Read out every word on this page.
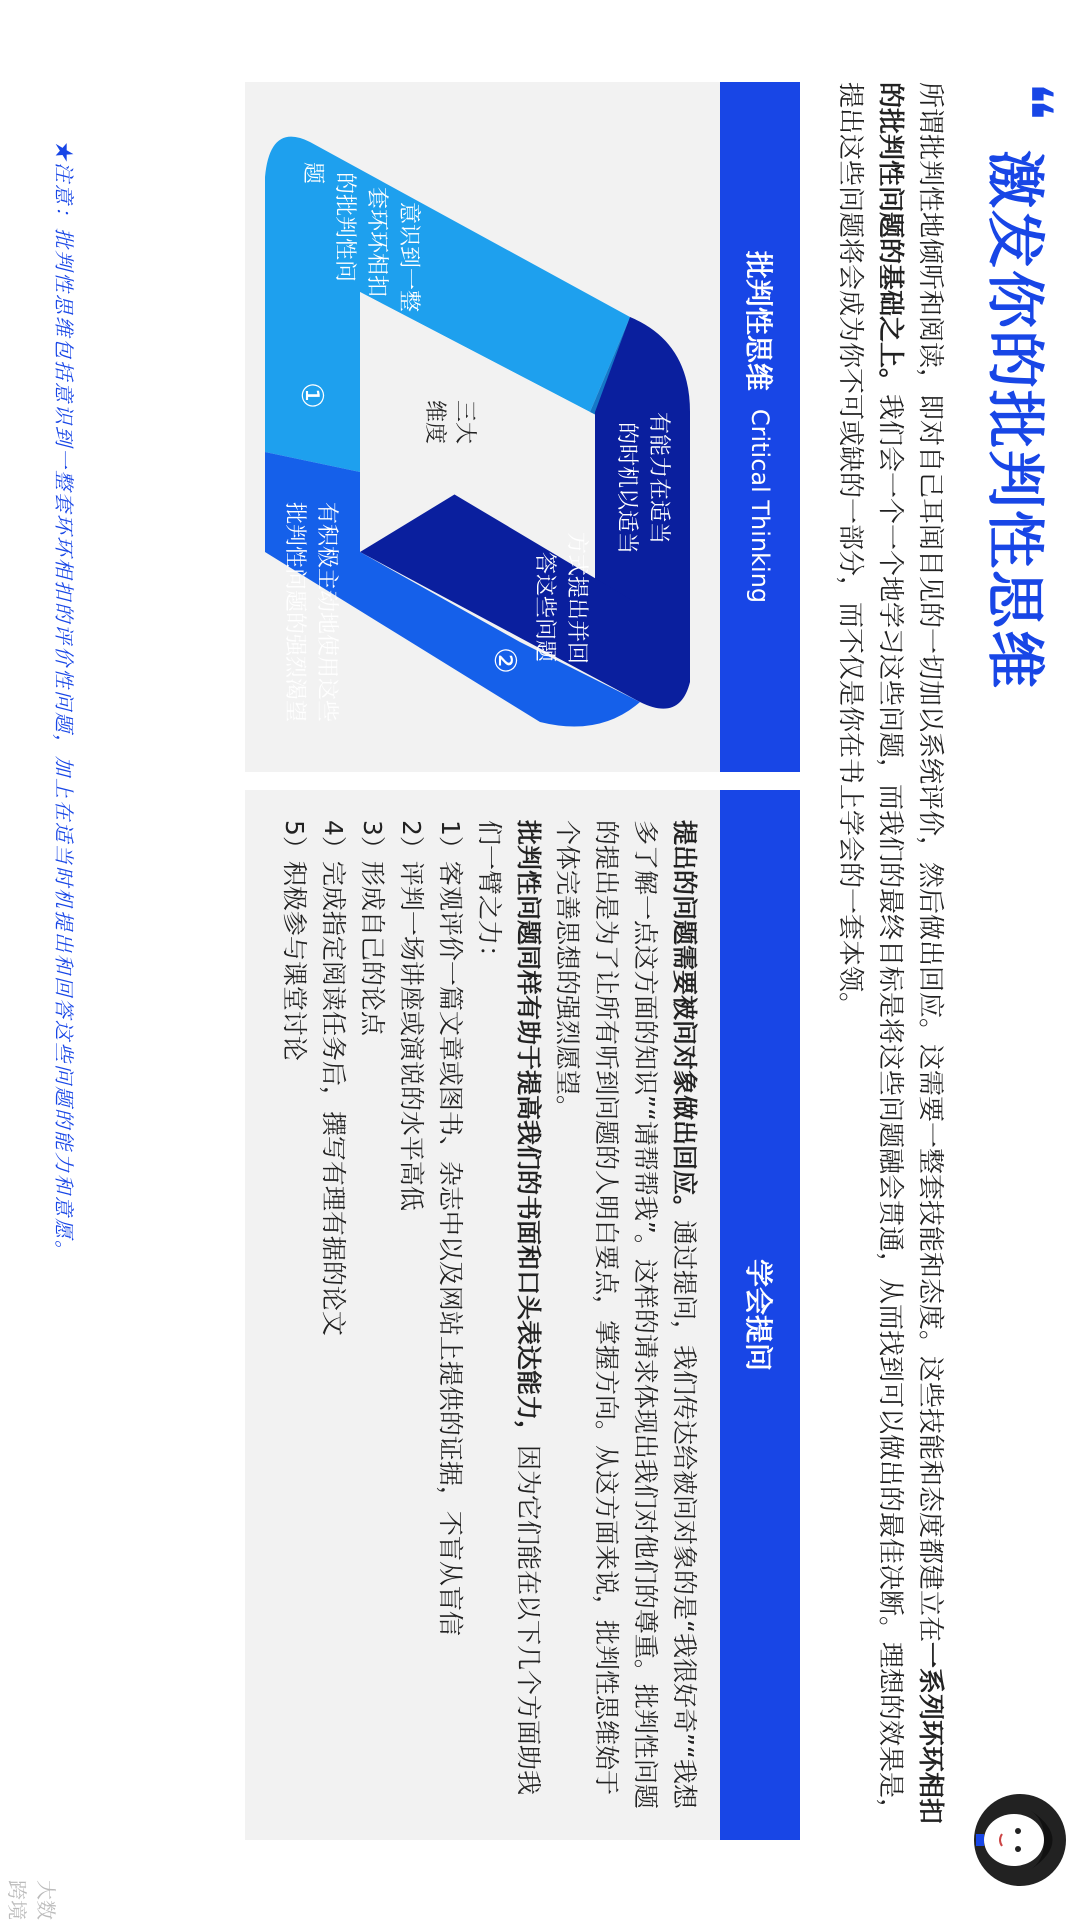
❛❛
激发你的批判性思维
所谓批判性地倾听和阅读，即对自己耳闻目见的一切加以系统评价，然后做出回应。这需要一整套技能和态度。这些技能和态度都建立在一系列环环相扣的批判性问题的基础之上。我们会一个一个地学习这些问题，而我们的最终目标是将这些问题融会贯通，从而找到可以做出的最佳决断。理想的效果是，提出这些问题将会成为你不可或缺的一部分，而不仅是你在书上学会的一套本领。
批判性思维
Critical Thinking
三大
维度
①
意识到一整
套环环相扣
的批判性问
题
②
有能力在适当
的时机以适当
方式提出并回
答这些问题
有积极主动地使用这些
批判性问题的强烈渴望
学会提问

提出的问题需要被问对象做出回应。通过提问，我们传达给被问对象的是“我很好奇”“我想多了解一点这方面的知识”“请帮帮我”。这样的请求体现出我们对他们的尊重。批判性问题的提出是为了让所有听到问题的人明白要点，掌握方向。从这方面来说，批判性思维始于个体完善思想的强烈愿望。

批判性问题同样有助于提高我们的书面和口头表达能力，因为它们能在以下几个方面助我们一臂之力：

1）客观评价一篇文章或图书、杂志中以及网站上提供的证据，不盲从盲信
2）评判一场讲座或演说的水平高低
3）形成自己的论点
4）完成指定阅读任务后，撰写有理有据的论文
5）积极参与课堂讨论
★注意：批判性思维包括意识到一整套环环相扣的评价性问题，加上在适当时机提出和回答这些问题的能力和意愿。
大数跨境
